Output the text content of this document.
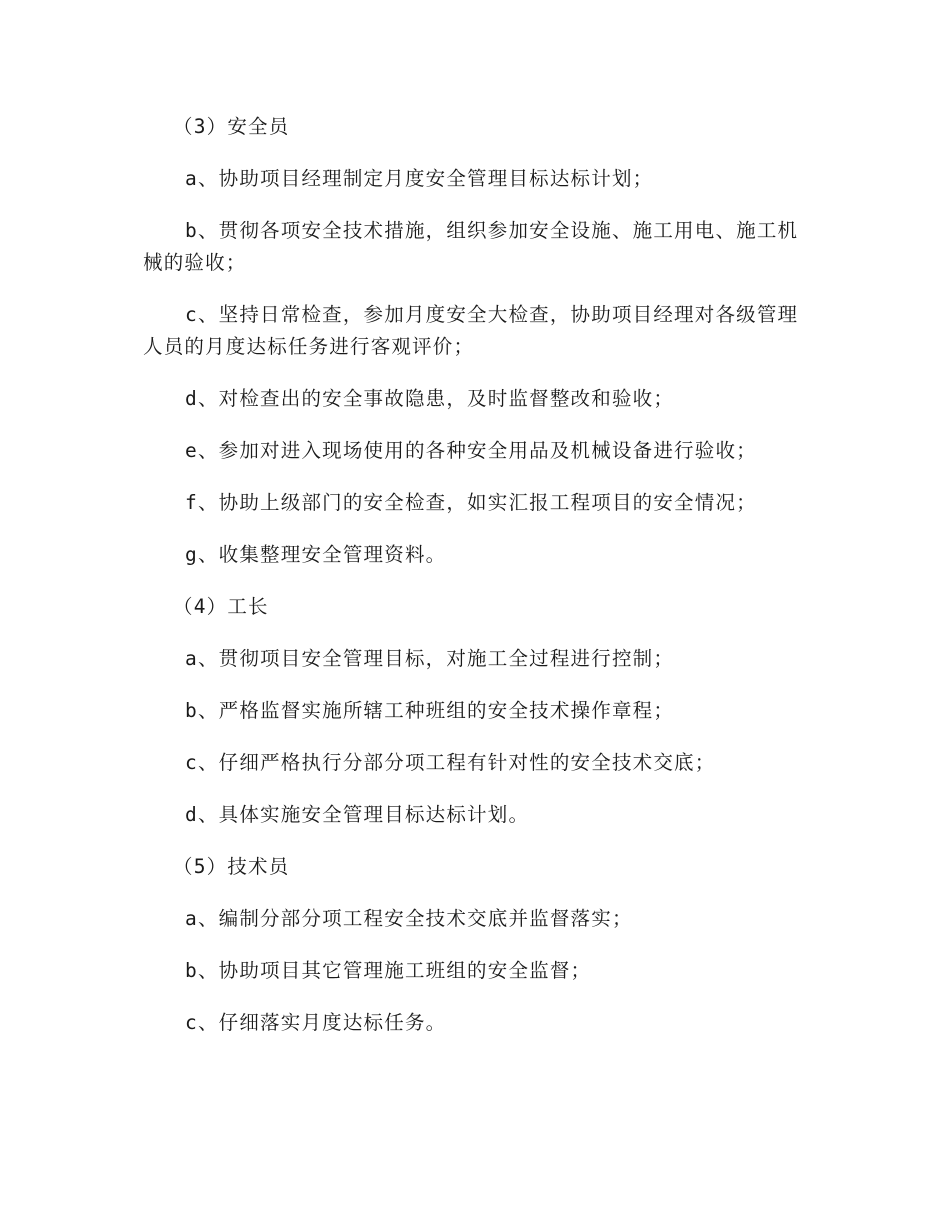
（3）安全员

a、协助项目经理制定月度安全管理目标达标计划；

b、贯彻各项安全技术措施，组织参加安全设施、施工用电、施工机械的验收；

c、坚持日常检查，参加月度安全大检查，协助项目经理对各级管理人员的月度达标任务进行客观评价；

d、对检查出的安全事故隐患，及时监督整改和验收；

e、参加对进入现场使用的各种安全用品及机械设备进行验收；

f、协助上级部门的安全检查，如实汇报工程项目的安全情况；

g、收集整理安全管理资料。

（4）工长

a、贯彻项目安全管理目标，对施工全过程进行控制；

b、严格监督实施所辖工种班组的安全技术操作章程；

c、仔细严格执行分部分项工程有针对性的安全技术交底；

d、具体实施安全管理目标达标计划。

（5）技术员

a、编制分部分项工程安全技术交底并监督落实；

b、协助项目其它管理施工班组的安全监督；

c、仔细落实月度达标任务。
